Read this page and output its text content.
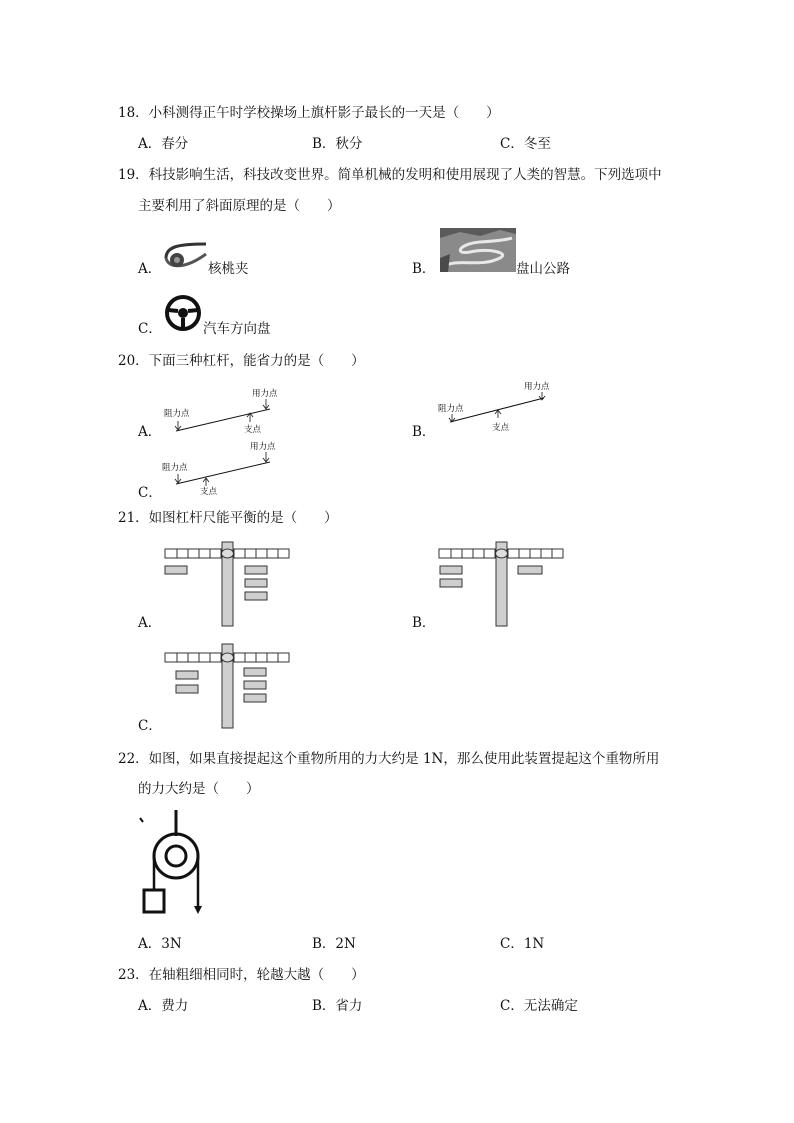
18．小科测得正午时学校操场上旗杆影子最长的一天是（　　）
A．春分	B．秋分	C．冬至
19．科技影响生活，科技改变世界。简单机械的发明和使用展现了人类的智慧。下列选项中
主要利用了斜面原理的是（　　）
A．	核桃夹	B．	盘山公路
C．	汽车方向盘
20．下面三种杠杆，能省力的是（　　）
A．
用力点
阻力点
支点	B．
用力点
阻力点
支点
C．
用力点
阻力点
支点
21．如图杠杆尺能平衡的是（　　）
A．	B．
C．
22．如图，如果直接提起这个重物所用的力大约是 1N，那么使用此装置提起这个重物所用
的力大约是（　　）
A．3N	B．2N	C．1N
23．在轴粗细相同时，轮越大越（　　）
A．费力	B．省力	C．无法确定
